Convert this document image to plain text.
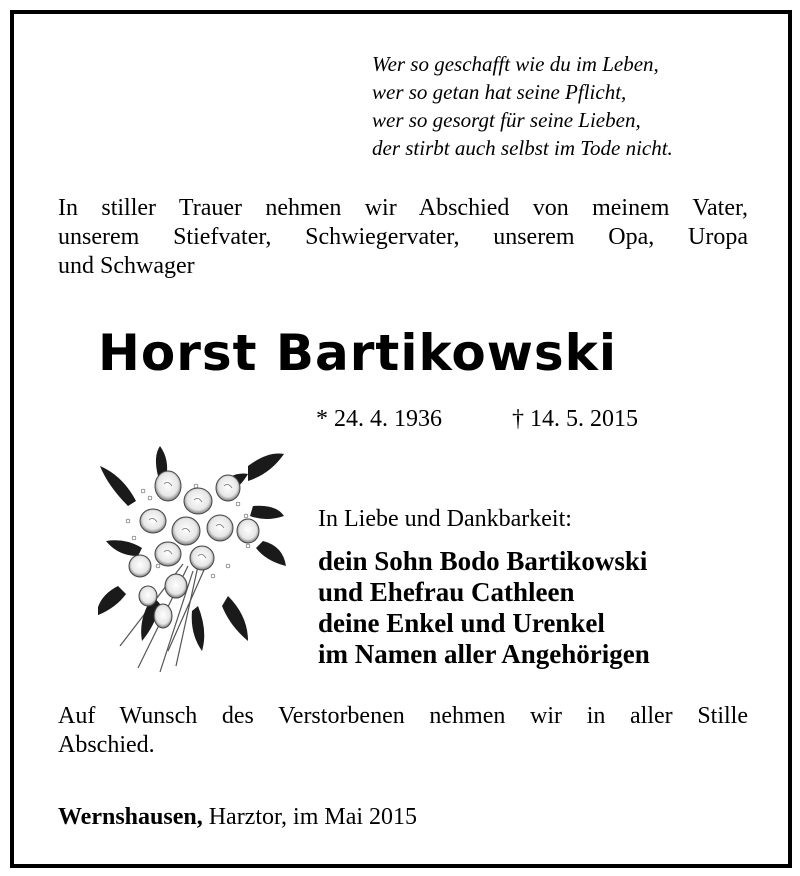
Wer so geschafft wie du im Leben,
wer so getan hat seine Pflicht,
wer so gesorgt für seine Lieben,
der stirbt auch selbst im Tode nicht.
In stiller Trauer nehmen wir Abschied von meinem Vater,
unserem Stiefvater, Schwiegervater, unserem Opa, Uropa
und Schwager
Horst Bartikowski
* 24. 4. 1936	† 14. 5. 2015
In Liebe und Dankbarkeit:
dein Sohn Bodo Bartikowski
und Ehefrau Cathleen
deine Enkel und Urenkel
im Namen aller Angehörigen
Auf Wunsch des Verstorbenen nehmen wir in aller Stille
Abschied.
Wernshausen, Harztor, im Mai 2015
